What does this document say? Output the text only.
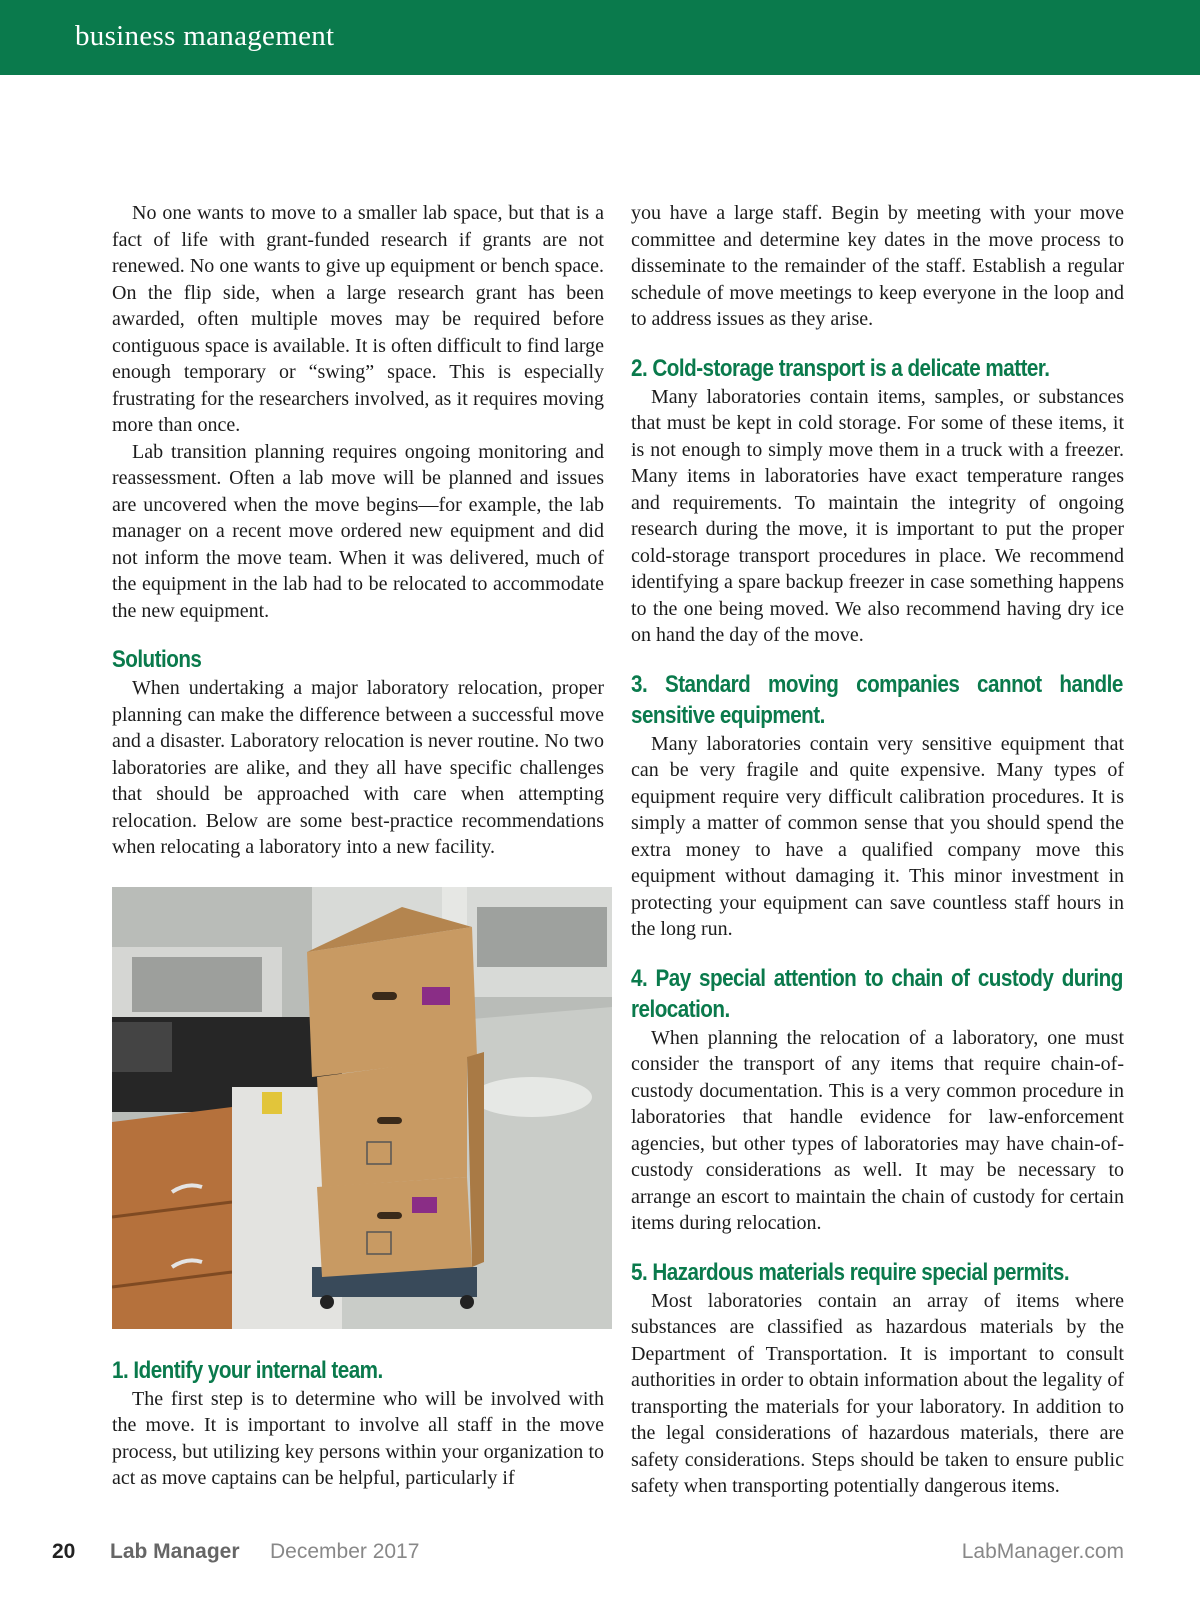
business management

No one wants to move to a smaller lab space, but that is a fact of life with grant-funded research if grants are not renewed. No one wants to give up equipment or bench space. On the flip side, when a large research grant has been awarded, often multiple moves may be required before contiguous space is available. It is often difficult to find large enough temporary or “swing” space. This is especially frustrating for the researchers involved, as it requires moving more than once.

Lab transition planning requires ongoing monitoring and reassessment. Often a lab move will be planned and issues are uncovered when the move begins—for example, the lab manager on a recent move ordered new equipment and did not inform the move team. When it was delivered, much of the equipment in the lab had to be relocated to accommodate the new equipment.

Solutions

When undertaking a major laboratory relocation, proper planning can make the difference between a successful move and a disaster. Laboratory relocation is never routine. No two laboratories are alike, and they all have specific challenges that should be approached with care when attempting relocation. Below are some best-practice recommendations when relocating a laboratory into a new facility.

1. Identify your internal team.

The first step is to determine who will be involved with the move. It is important to involve all staff in the move process, but utilizing key persons within your organization to act as move captains can be helpful, particularly if

you have a large staff. Begin by meeting with your move committee and determine key dates in the move process to disseminate to the remainder of the staff. Establish a regular schedule of move meetings to keep everyone in the loop and to address issues as they arise.

2. Cold-storage transport is a delicate matter.

Many laboratories contain items, samples, or substances that must be kept in cold storage. For some of these items, it is not enough to simply move them in a truck with a freezer. Many items in laboratories have exact temperature ranges and requirements. To maintain the integrity of ongoing research during the move, it is important to put the proper cold-storage transport procedures in place. We recommend identifying a spare backup freezer in case something happens to the one being moved. We also recommend having dry ice on hand the day of the move.

3. Standard moving companies cannot handle sensitive equipment.

Many laboratories contain very sensitive equipment that can be very fragile and quite expensive. Many types of equipment require very difficult calibration procedures. It is simply a matter of common sense that you should spend the extra money to have a qualified company move this equipment without damaging it. This minor investment in protecting your equipment can save countless staff hours in the long run.

4. Pay special attention to chain of custody during relocation.

When planning the relocation of a laboratory, one must consider the transport of any items that require chain-of-custody documentation. This is a very common procedure in laboratories that handle evidence for law-enforcement agencies, but other types of laboratories may have chain-of-custody considerations as well. It may be necessary to arrange an escort to maintain the chain of custody for certain items during relocation.

5. Hazardous materials require special permits.

Most laboratories contain an array of items where substances are classified as hazardous materials by the Department of Transportation. It is important to consult authorities in order to obtain information about the legality of transporting the materials for your laboratory. In addition to the legal considerations of hazardous materials, there are safety considerations. Steps should be taken to ensure public safety when transporting potentially dangerous items.

20 Lab Manager December 2017	LabManager.com
